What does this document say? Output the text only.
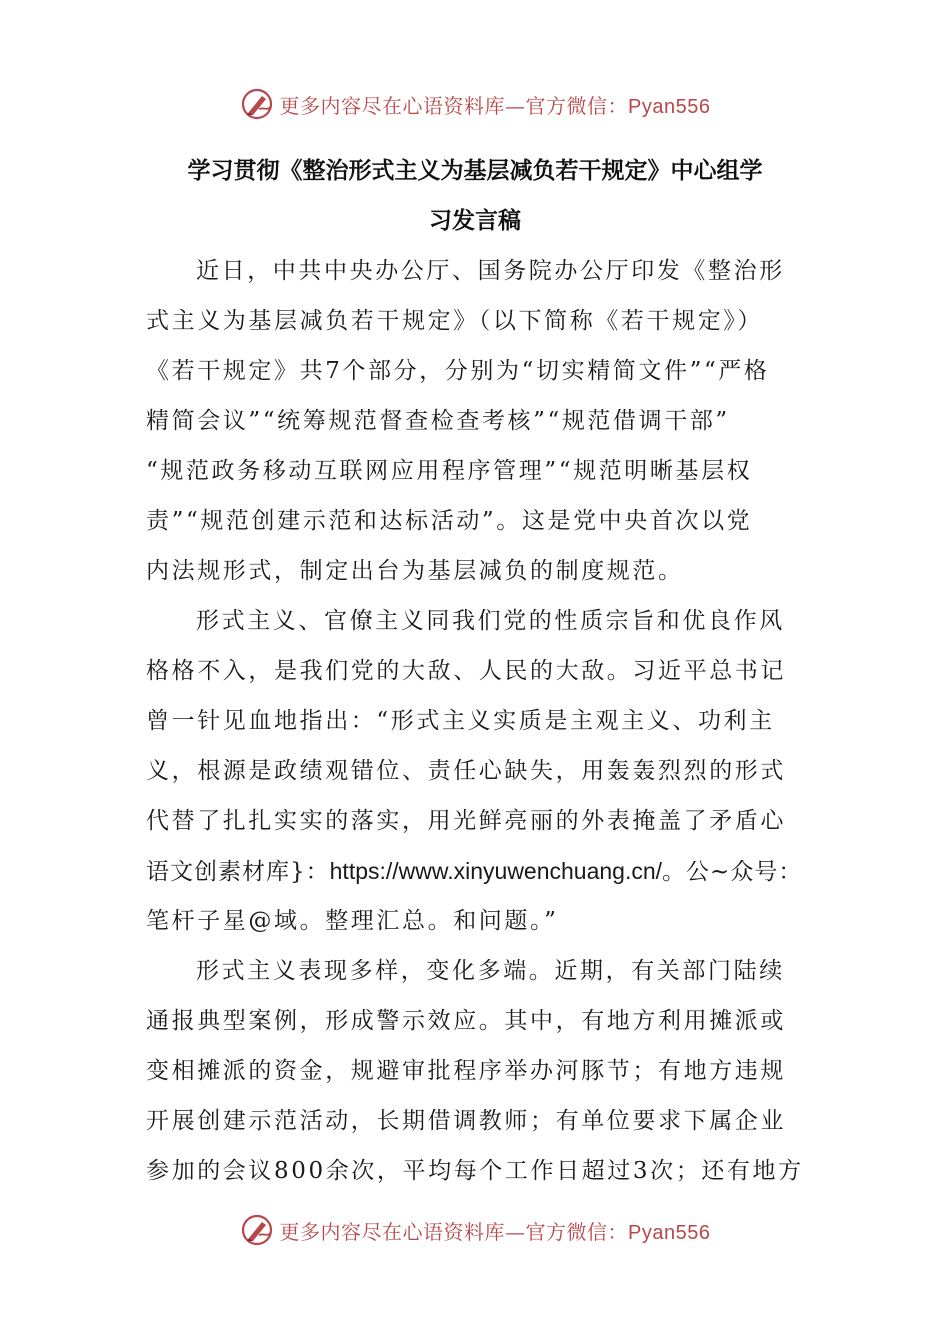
更多内容尽在心语资料库—官方微信：Pyan556
学习贯彻《整治形式主义为基层减负若干规定》中心组学
习发言稿
近日，中共中央办公厅、国务院办公厅印发《整治形
式主义为基层减负若干规定》（以下简称《若干规定》）
《若干规定》共7个部分，分别为“切实精简文件”“严格
精简会议”“统筹规范督查检查考核”“规范借调干部”
“规范政务移动互联网应用程序管理”“规范明晰基层权
责”“规范创建示范和达标活动”。这是党中央首次以党
内法规形式，制定出台为基层减负的制度规范。
形式主义、官僚主义同我们党的性质宗旨和优良作风
格格不入，是我们党的大敌、人民的大敌。习近平总书记
曾一针见血地指出：“形式主义实质是主观主义、功利主
义，根源是政绩观错位、责任心缺失，用轰轰烈烈的形式
代替了扎扎实实的落实，用光鲜亮丽的外表掩盖了矛盾心
语文创素材库}：https://www.xinyuwenchuang.cn/。公~众号：
笔杆子星@域。整理汇总。和问题。”
形式主义表现多样，变化多端。近期，有关部门陆续
通报典型案例，形成警示效应。其中，有地方利用摊派或
变相摊派的资金，规避审批程序举办河豚节；有地方违规
开展创建示范活动，长期借调教师；有单位要求下属企业
参加的会议800余次，平均每个工作日超过3次；还有地方
更多内容尽在心语资料库—官方微信：Pyan556
